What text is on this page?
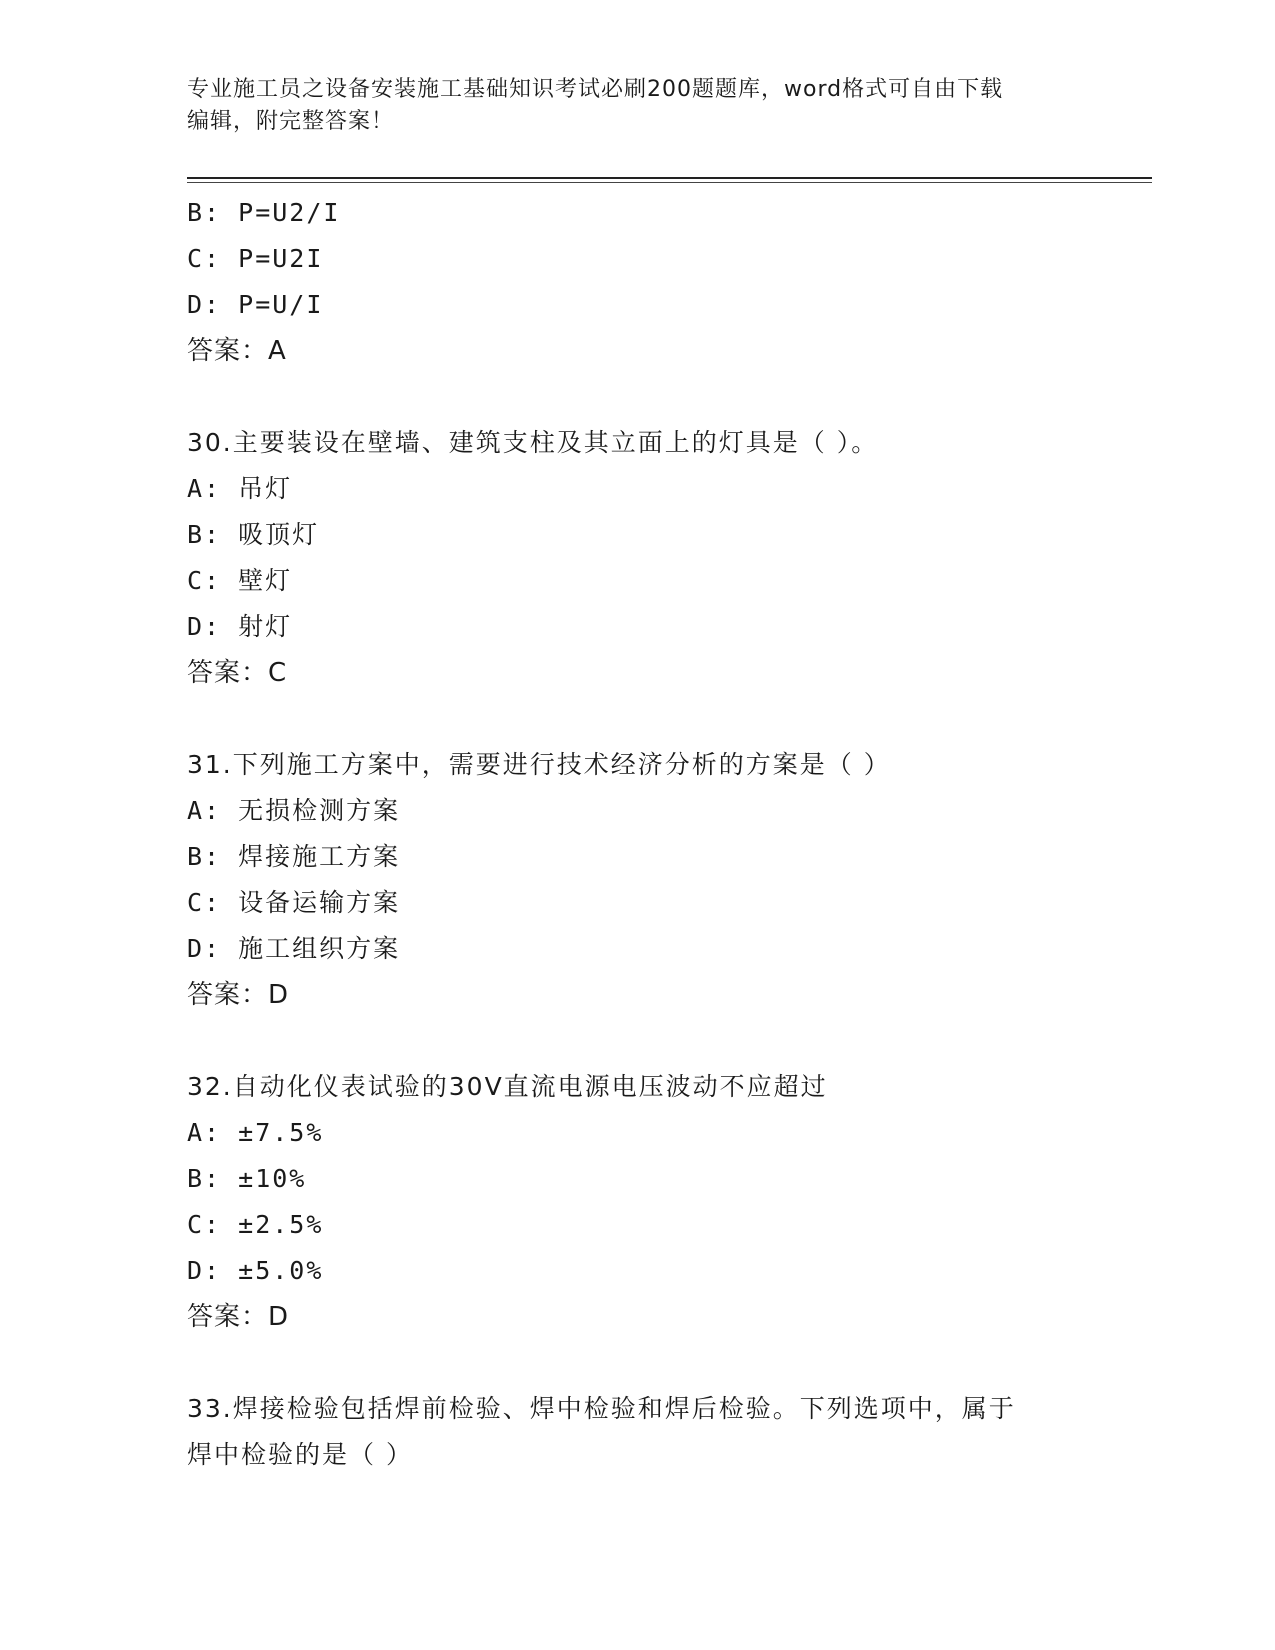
专业施工员之设备安装施工基础知识考试必刷200题题库，word格式可自由下载

编辑，附完整答案！

B: P=U2/I
C: P=U2I
D: P=U/I
答案：A
30.主要装设在壁墙、建筑支柱及其立面上的灯具是（ ）。
A: 吊灯
B: 吸顶灯
C: 壁灯
D: 射灯
答案：C
31.下列施工方案中，需要进行技术经济分析的方案是（ ）
A: 无损检测方案
B: 焊接施工方案
C: 设备运输方案
D: 施工组织方案
答案：D
32.自动化仪表试验的30V直流电源电压波动不应超过
A: ±7.5%
B: ±10%
C: ±2.5%
D: ±5.0%
答案：D
33.焊接检验包括焊前检验、焊中检验和焊后检验。下列选项中，属于
焊中检验的是（ ）
